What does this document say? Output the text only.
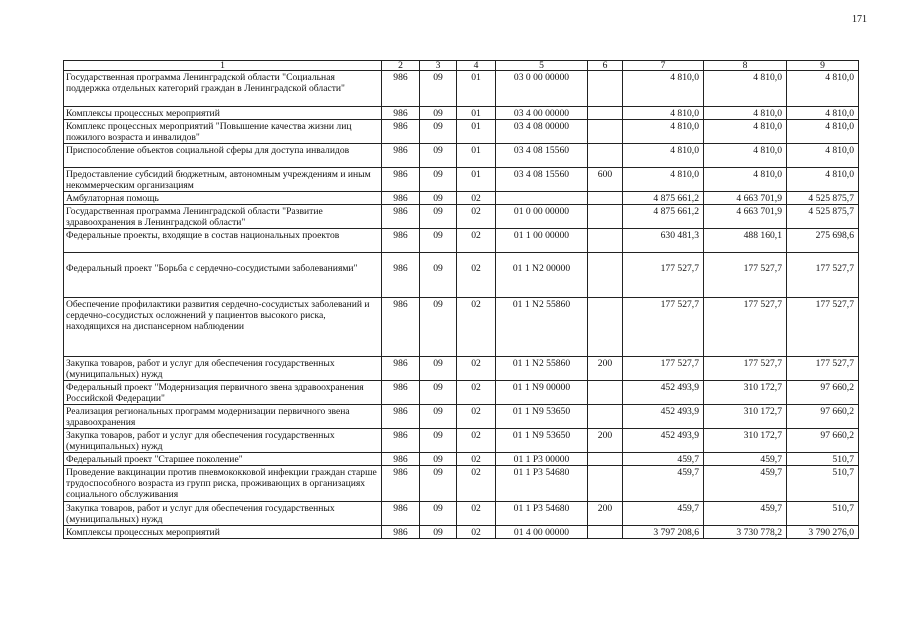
171
1	2	3	4	5	6	7	8	9
Государственная программа Ленинградской области "Социальная поддержка отдельных категорий граждан в Ленинградской области"	986	09	01	03 0 00 00000		4 810,0	4 810,0	4 810,0
Комплексы процессных мероприятий	986	09	01	03 4 00 00000		4 810,0	4 810,0	4 810,0
Комплекс процессных мероприятий "Повышение качества жизни лиц пожилого возраста и инвалидов"	986	09	01	03 4 08 00000		4 810,0	4 810,0	4 810,0
Приспособление объектов социальной сферы для доступа инвалидов	986	09	01	03 4 08 15560		4 810,0	4 810,0	4 810,0
Предоставление субсидий бюджетным, автономным учреждениям и иным некоммерческим организациям	986	09	01	03 4 08 15560	600	4 810,0	4 810,0	4 810,0
Амбулаторная помощь	986	09	02			4 875 661,2	4 663 701,9	4 525 875,7
Государственная программа Ленинградской области "Развитие здравоохранения в Ленинградской области"	986	09	02	01 0 00 00000		4 875 661,2	4 663 701,9	4 525 875,7
Федеральные проекты, входящие в состав национальных проектов	986	09	02	01 1 00 00000		630 481,3	488 160,1	275 698,6
Федеральный проект "Борьба с сердечно-сосудистыми заболеваниями"	986	09	02	01 1 N2 00000		177 527,7	177 527,7	177 527,7
Обеспечение профилактики развития сердечно-сосудистых заболеваний и сердечно-сосудистых осложнений у пациентов высокого риска, находящихся на диспансерном наблюдении	986	09	02	01 1 N2 55860		177 527,7	177 527,7	177 527,7
Закупка товаров, работ и услуг для обеспечения государственных (муниципальных) нужд	986	09	02	01 1 N2 55860	200	177 527,7	177 527,7	177 527,7
Федеральный проект "Модернизация первичного звена здравоохранения Российской Федерации"	986	09	02	01 1 N9 00000		452 493,9	310 172,7	97 660,2
Реализация региональных программ модернизации первичного звена здравоохранения	986	09	02	01 1 N9 53650		452 493,9	310 172,7	97 660,2
Закупка товаров, работ и услуг для обеспечения государственных (муниципальных) нужд	986	09	02	01 1 N9 53650	200	452 493,9	310 172,7	97 660,2
Федеральный проект "Старшее поколение"	986	09	02	01 1 P3 00000		459,7	459,7	510,7
Проведение вакцинации против пневмококковой инфекции граждан старше трудоспособного возраста из групп риска, проживающих в организациях социального обслуживания	986	09	02	01 1 P3 54680		459,7	459,7	510,7
Закупка товаров, работ и услуг для обеспечения государственных (муниципальных) нужд	986	09	02	01 1 P3 54680	200	459,7	459,7	510,7
Комплексы процессных мероприятий	986	09	02	01 4 00 00000		3 797 208,6	3 730 778,2	3 790 276,0
